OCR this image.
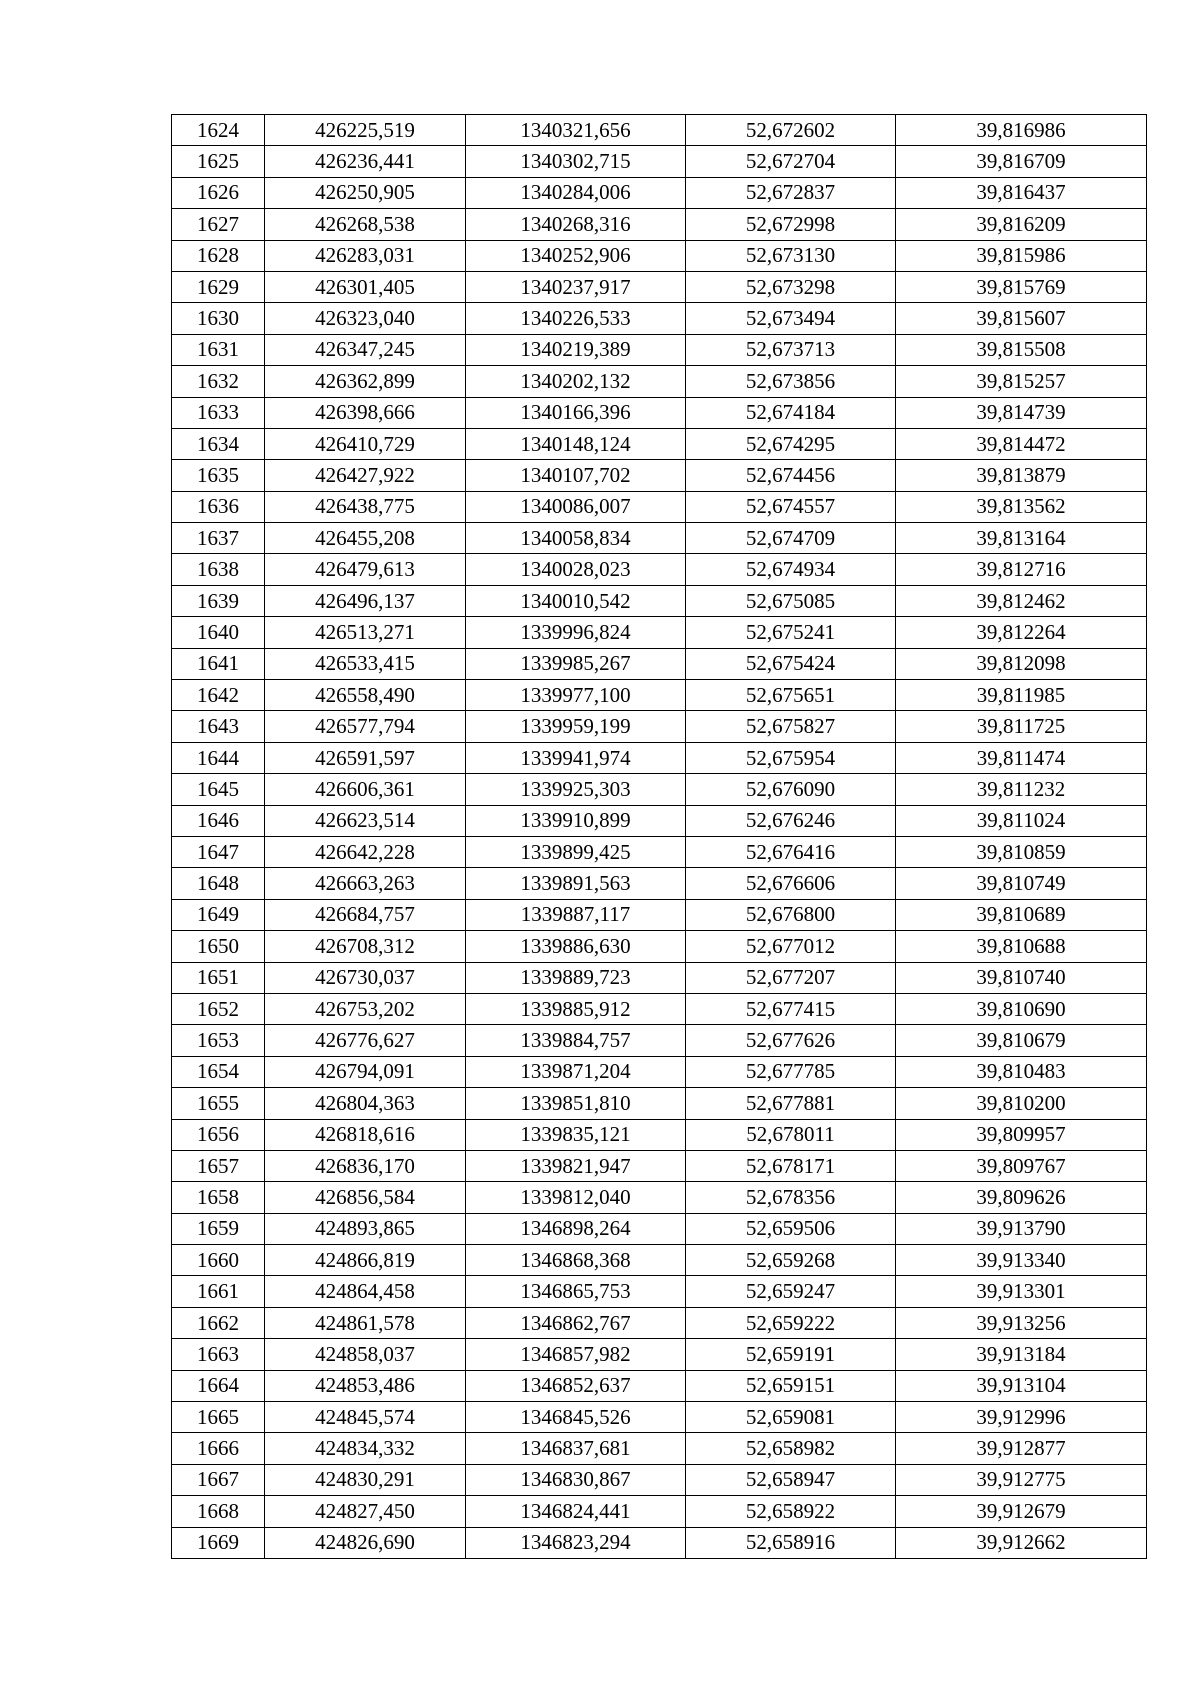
1624	426225,519	1340321,656	52,672602	39,816986
1625	426236,441	1340302,715	52,672704	39,816709
1626	426250,905	1340284,006	52,672837	39,816437
1627	426268,538	1340268,316	52,672998	39,816209
1628	426283,031	1340252,906	52,673130	39,815986
1629	426301,405	1340237,917	52,673298	39,815769
1630	426323,040	1340226,533	52,673494	39,815607
1631	426347,245	1340219,389	52,673713	39,815508
1632	426362,899	1340202,132	52,673856	39,815257
1633	426398,666	1340166,396	52,674184	39,814739
1634	426410,729	1340148,124	52,674295	39,814472
1635	426427,922	1340107,702	52,674456	39,813879
1636	426438,775	1340086,007	52,674557	39,813562
1637	426455,208	1340058,834	52,674709	39,813164
1638	426479,613	1340028,023	52,674934	39,812716
1639	426496,137	1340010,542	52,675085	39,812462
1640	426513,271	1339996,824	52,675241	39,812264
1641	426533,415	1339985,267	52,675424	39,812098
1642	426558,490	1339977,100	52,675651	39,811985
1643	426577,794	1339959,199	52,675827	39,811725
1644	426591,597	1339941,974	52,675954	39,811474
1645	426606,361	1339925,303	52,676090	39,811232
1646	426623,514	1339910,899	52,676246	39,811024
1647	426642,228	1339899,425	52,676416	39,810859
1648	426663,263	1339891,563	52,676606	39,810749
1649	426684,757	1339887,117	52,676800	39,810689
1650	426708,312	1339886,630	52,677012	39,810688
1651	426730,037	1339889,723	52,677207	39,810740
1652	426753,202	1339885,912	52,677415	39,810690
1653	426776,627	1339884,757	52,677626	39,810679
1654	426794,091	1339871,204	52,677785	39,810483
1655	426804,363	1339851,810	52,677881	39,810200
1656	426818,616	1339835,121	52,678011	39,809957
1657	426836,170	1339821,947	52,678171	39,809767
1658	426856,584	1339812,040	52,678356	39,809626
1659	424893,865	1346898,264	52,659506	39,913790
1660	424866,819	1346868,368	52,659268	39,913340
1661	424864,458	1346865,753	52,659247	39,913301
1662	424861,578	1346862,767	52,659222	39,913256
1663	424858,037	1346857,982	52,659191	39,913184
1664	424853,486	1346852,637	52,659151	39,913104
1665	424845,574	1346845,526	52,659081	39,912996
1666	424834,332	1346837,681	52,658982	39,912877
1667	424830,291	1346830,867	52,658947	39,912775
1668	424827,450	1346824,441	52,658922	39,912679
1669	424826,690	1346823,294	52,658916	39,912662
